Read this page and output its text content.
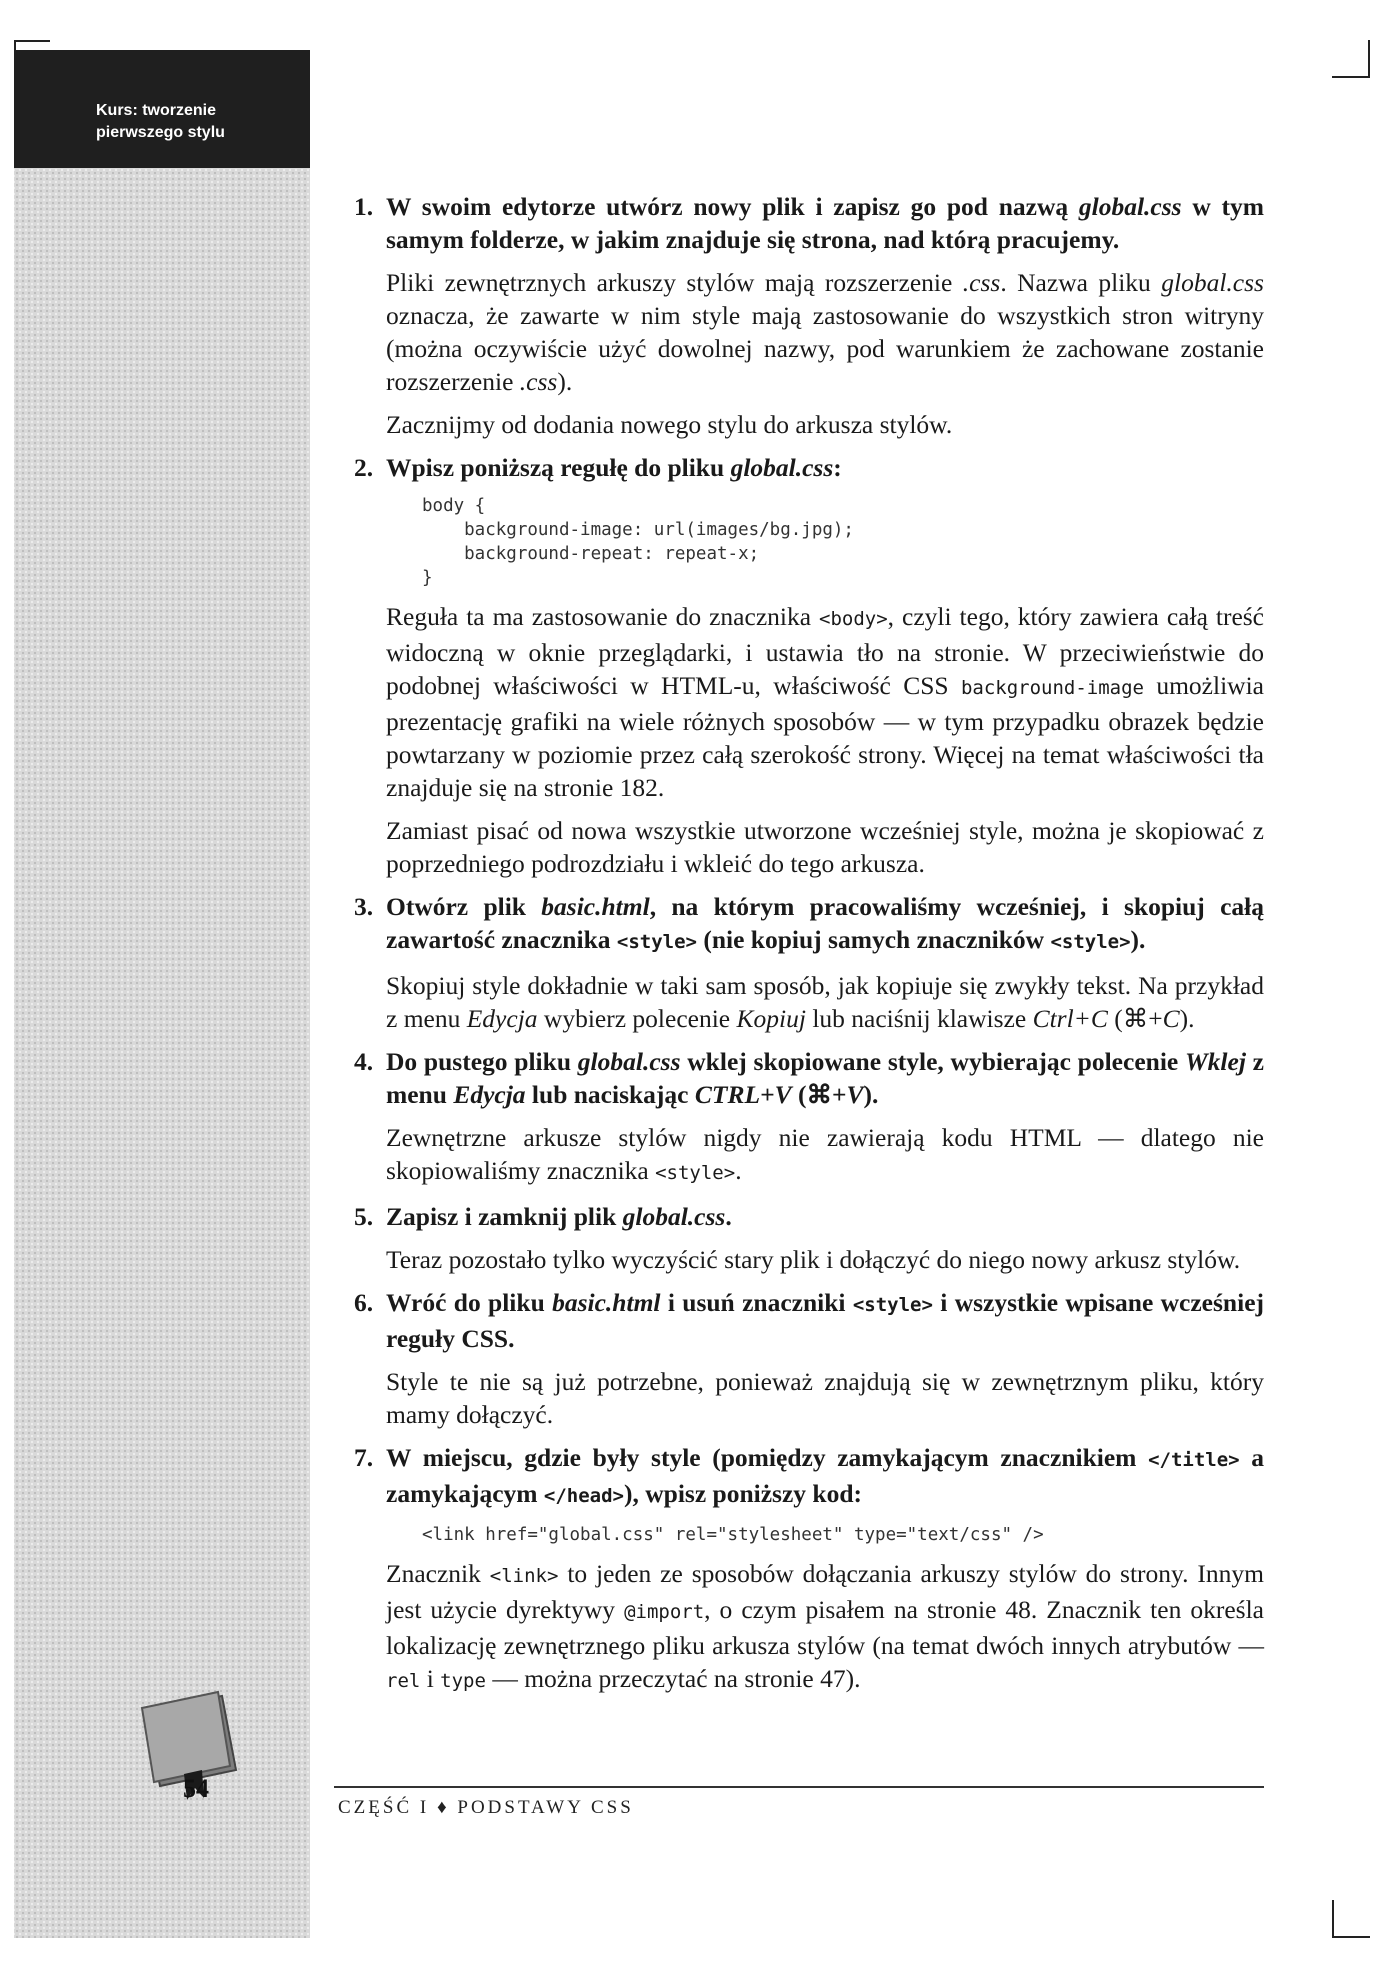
Kurs: tworzenie
pierwszego stylu
54
1. W swoim edytorze utwórz nowy plik i zapisz go pod nazwą global.css w tym samym folderze, w jakim znajduje się strona, nad którą pracujemy.
Pliki zewnętrznych arkuszy stylów mają rozszerzenie .css. Nazwa pliku global.css oznacza, że zawarte w nim style mają zastosowanie do wszystkich stron witryny (można oczywiście użyć dowolnej nazwy, pod warunkiem że zachowane zostanie rozszerzenie .css).
Zacznijmy od dodania nowego stylu do arkusza stylów.
2. Wpisz poniższą regułę do pliku global.css:
body {
background-image: url(images/bg.jpg);
background-repeat: repeat-x;
}
Reguła ta ma zastosowanie do znacznika <body>, czyli tego, który zawiera całą treść widoczną w oknie przeglądarki, i ustawia tło na stronie. W przeciwieństwie do podobnej właściwości w HTML-u, właściwość CSS background-image umożliwia prezentację grafiki na wiele różnych sposobów — w tym przypadku obrazek będzie powtarzany w poziomie przez całą szerokość strony. Więcej na temat właściwości tła znajduje się na stronie 182.
Zamiast pisać od nowa wszystkie utworzone wcześniej style, można je skopiować z poprzedniego podrozdziału i wkleić do tego arkusza.
3. Otwórz plik basic.html, na którym pracowaliśmy wcześniej, i skopiuj całą zawartość znacznika <style> (nie kopiuj samych znaczników <style>).
Skopiuj style dokładnie w taki sam sposób, jak kopiuje się zwykły tekst. Na przykład z menu Edycja wybierz polecenie Kopiuj lub naciśnij klawisze Ctrl+C (⌘+C).
4. Do pustego pliku global.css wklej skopiowane style, wybierając polecenie Wklej z menu Edycja lub naciskając CTRL+V (⌘+V).
Zewnętrzne arkusze stylów nigdy nie zawierają kodu HTML — dlatego nie skopiowaliśmy znacznika <style>.
5. Zapisz i zamknij plik global.css.
Teraz pozostało tylko wyczyścić stary plik i dołączyć do niego nowy arkusz stylów.
6. Wróć do pliku basic.html i usuń znaczniki <style> i wszystkie wpisane wcześniej reguły CSS.
Style te nie są już potrzebne, ponieważ znajdują się w zewnętrznym pliku, który mamy dołączyć.
7. W miejscu, gdzie były style (pomiędzy zamykającym znacznikiem </title> a zamykającym </head>), wpisz poniższy kod:
<link href="global.css" rel="stylesheet" type="text/css" />
Znacznik <link> to jeden ze sposobów dołączania arkuszy stylów do strony. Innym jest użycie dyrektywy @import, o czym pisałem na stronie 48. Znacznik ten określa lokalizację zewnętrznego pliku arkusza stylów (na temat dwóch innych atrybutów — rel i type — można przeczytać na stronie 47).
CZĘŚĆ I ♦ PODSTAWY CSS
